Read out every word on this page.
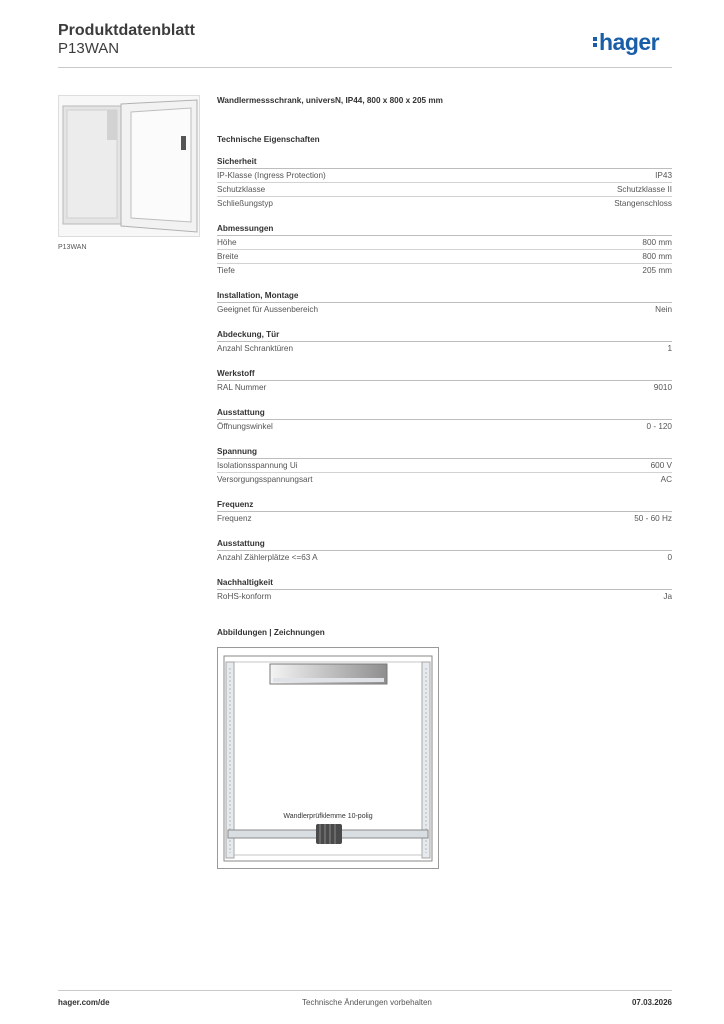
Produktdatenblatt
P13WAN	hager
P13WAN
Wandlermessschrank, universN, IP44, 800 x 800 x 205 mm
Technische Eigenschaften
Sicherheit
IP-Klasse (Ingress Protection)	IP43
Schutzklasse	Schutzklasse II
Schließungstyp	Stangenschloss
Abmessungen
Höhe	800 mm
Breite	800 mm
Tiefe	205 mm
Installation, Montage
Geeignet für Aussenbereich	Nein
Abdeckung, Tür
Anzahl Schranktüren	1
Werkstoff
RAL Nummer	9010
Ausstattung
Öffnungswinkel	0 - 120
Spannung
Isolationsspannung Ui	600 V
Versorgungsspannungsart	AC
Frequenz
Frequenz	50 - 60 Hz
Ausstattung
Anzahl Zählerplätze <=63 A	0
Nachhaltigkeit
RoHS-konform	Ja
Abbildungen | Zeichnungen
Wandlerprüfklemme 10-polig
hager.com/de	Technische Änderungen vorbehalten	07.03.2026
